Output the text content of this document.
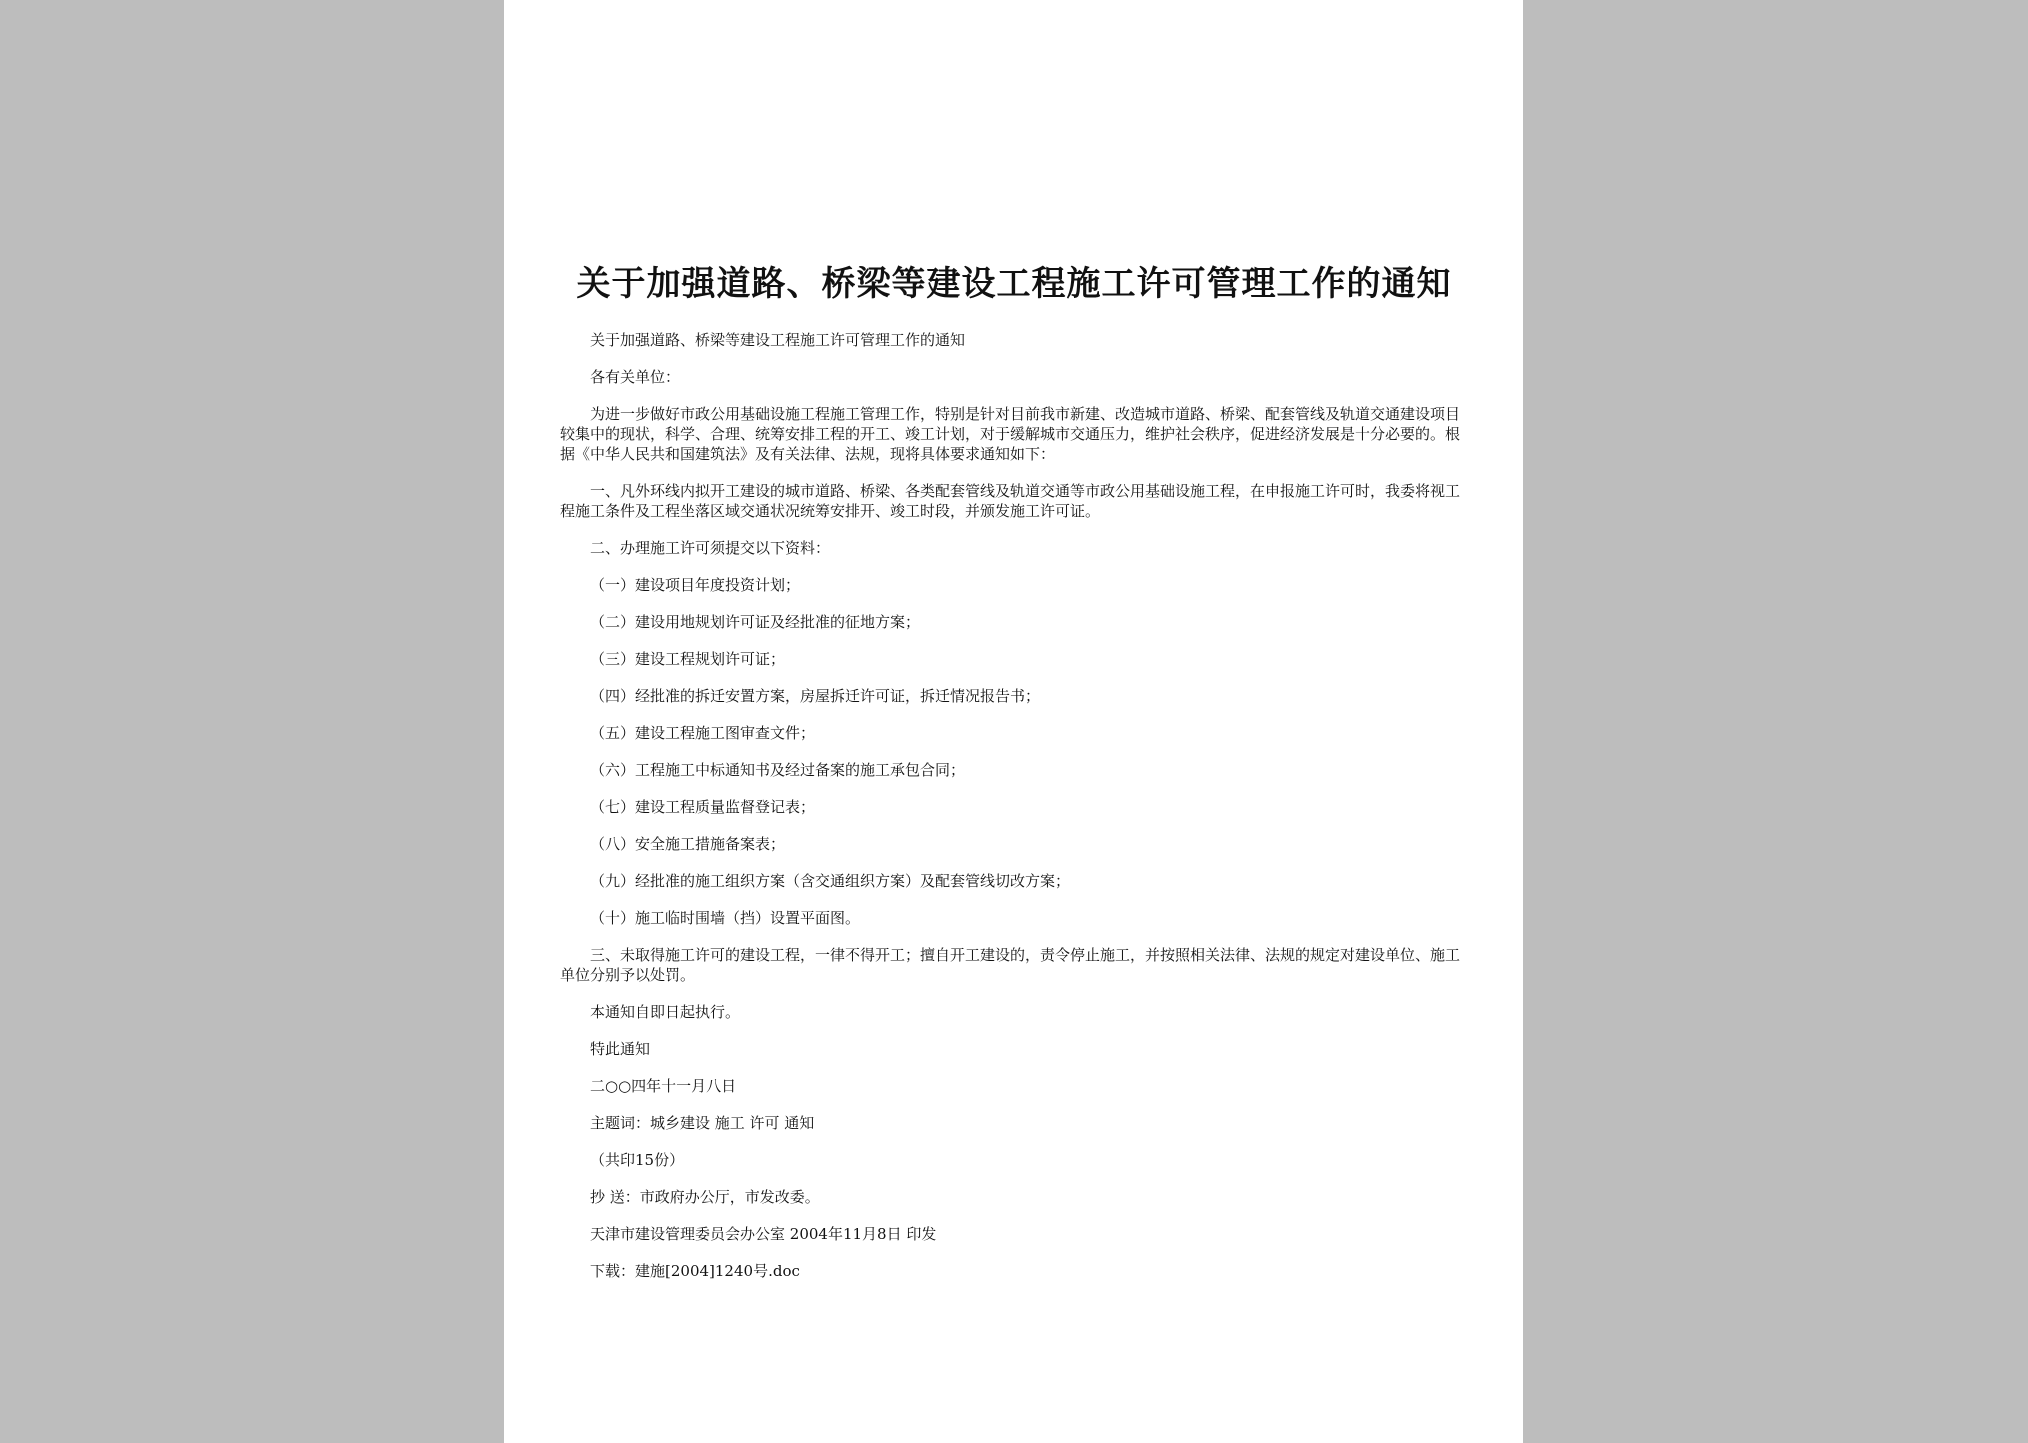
关于加强道路、桥梁等建设工程施工许可管理工作的通知

关于加强道路、桥梁等建设工程施工许可管理工作的通知

各有关单位：

为进一步做好市政公用基础设施工程施工管理工作，特别是针对目前我市新建、改造城市道路、桥梁、配套管线及轨道交通建设项目较集中的现状，科学、合理、统筹安排工程的开工、竣工计划，对于缓解城市交通压力，维护社会秩序，促进经济发展是十分必要的。根据《中华人民共和国建筑法》及有关法律、法规，现将具体要求通知如下：

一、凡外环线内拟开工建设的城市道路、桥梁、各类配套管线及轨道交通等市政公用基础设施工程，在申报施工许可时，我委将视工程施工条件及工程坐落区域交通状况统筹安排开、竣工时段，并颁发施工许可证。

二、办理施工许可须提交以下资料：

（一）建设项目年度投资计划；

（二）建设用地规划许可证及经批准的征地方案；

（三）建设工程规划许可证；

（四）经批准的拆迁安置方案，房屋拆迁许可证，拆迁情况报告书；

（五）建设工程施工图审查文件；

（六）工程施工中标通知书及经过备案的施工承包合同；

（七）建设工程质量监督登记表；

（八）安全施工措施备案表；

（九）经批准的施工组织方案（含交通组织方案）及配套管线切改方案；

（十）施工临时围墙（挡）设置平面图。

三、未取得施工许可的建设工程，一律不得开工；擅自开工建设的，责令停止施工，并按照相关法律、法规的规定对建设单位、施工单位分别予以处罚。

本通知自即日起执行。

特此通知

二○○四年十一月八日

主题词：城乡建设 施工 许可 通知

（共印15份）

抄 送：市政府办公厅，市发改委。

天津市建设管理委员会办公室 2004年11月8日 印发

下载：建施[2004]1240号.doc
